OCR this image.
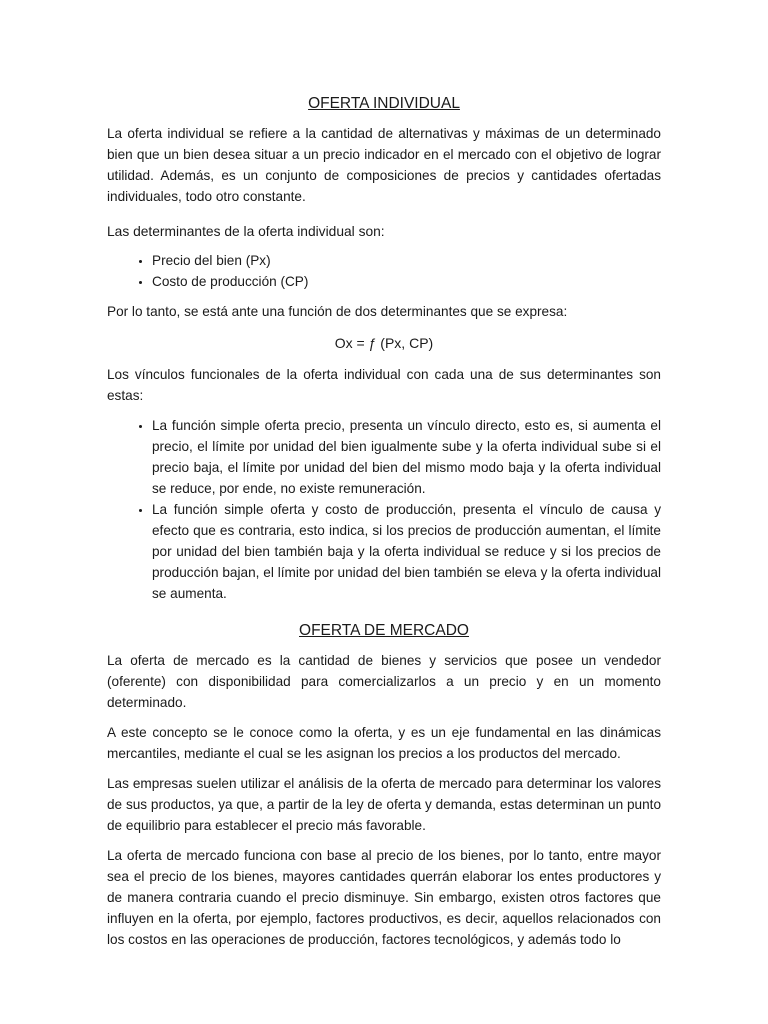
OFERTA INDIVIDUAL

La oferta individual se refiere a la cantidad de alternativas y máximas de un determinado bien que un bien desea situar a un precio indicador en el mercado con el objetivo de lograr utilidad. Además, es un conjunto de composiciones de precios y cantidades ofertadas individuales, todo otro constante.

Las determinantes de la oferta individual son:

• Precio del bien (Px)
• Costo de producción (CP)

Por lo tanto, se está ante una función de dos determinantes que se expresa:

Ox = ƒ (Px, CP)

Los vínculos funcionales de la oferta individual con cada una de sus determinantes son estas:

• La función simple oferta precio, presenta un vínculo directo, esto es, si aumenta el precio, el límite por unidad del bien igualmente sube y la oferta individual sube si el precio baja, el límite por unidad del bien del mismo modo baja y la oferta individual se reduce, por ende, no existe remuneración.
• La función simple oferta y costo de producción, presenta el vínculo de causa y efecto que es contraria, esto indica, si los precios de producción aumentan, el límite por unidad del bien también baja y la oferta individual se reduce y si los precios de producción bajan, el límite por unidad del bien también se eleva y la oferta individual se aumenta.
OFERTA DE MERCADO

La oferta de mercado es la cantidad de bienes y servicios que posee un vendedor (oferente) con disponibilidad para comercializarlos a un precio y en un momento determinado.

A este concepto se le conoce como la oferta, y es un eje fundamental en las dinámicas mercantiles, mediante el cual se les asignan los precios a los productos del mercado.

Las empresas suelen utilizar el análisis de la oferta de mercado para determinar los valores de sus productos, ya que, a partir de la ley de oferta y demanda, estas determinan un punto de equilibrio para establecer el precio más favorable.

La oferta de mercado funciona con base al precio de los bienes, por lo tanto, entre mayor sea el precio de los bienes, mayores cantidades querrán elaborar los entes productores y de manera contraria cuando el precio disminuye. Sin embargo, existen otros factores que influyen en la oferta, por ejemplo, factores productivos, es decir, aquellos relacionados con los costos en las operaciones de producción, factores tecnológicos, y además todo lo
